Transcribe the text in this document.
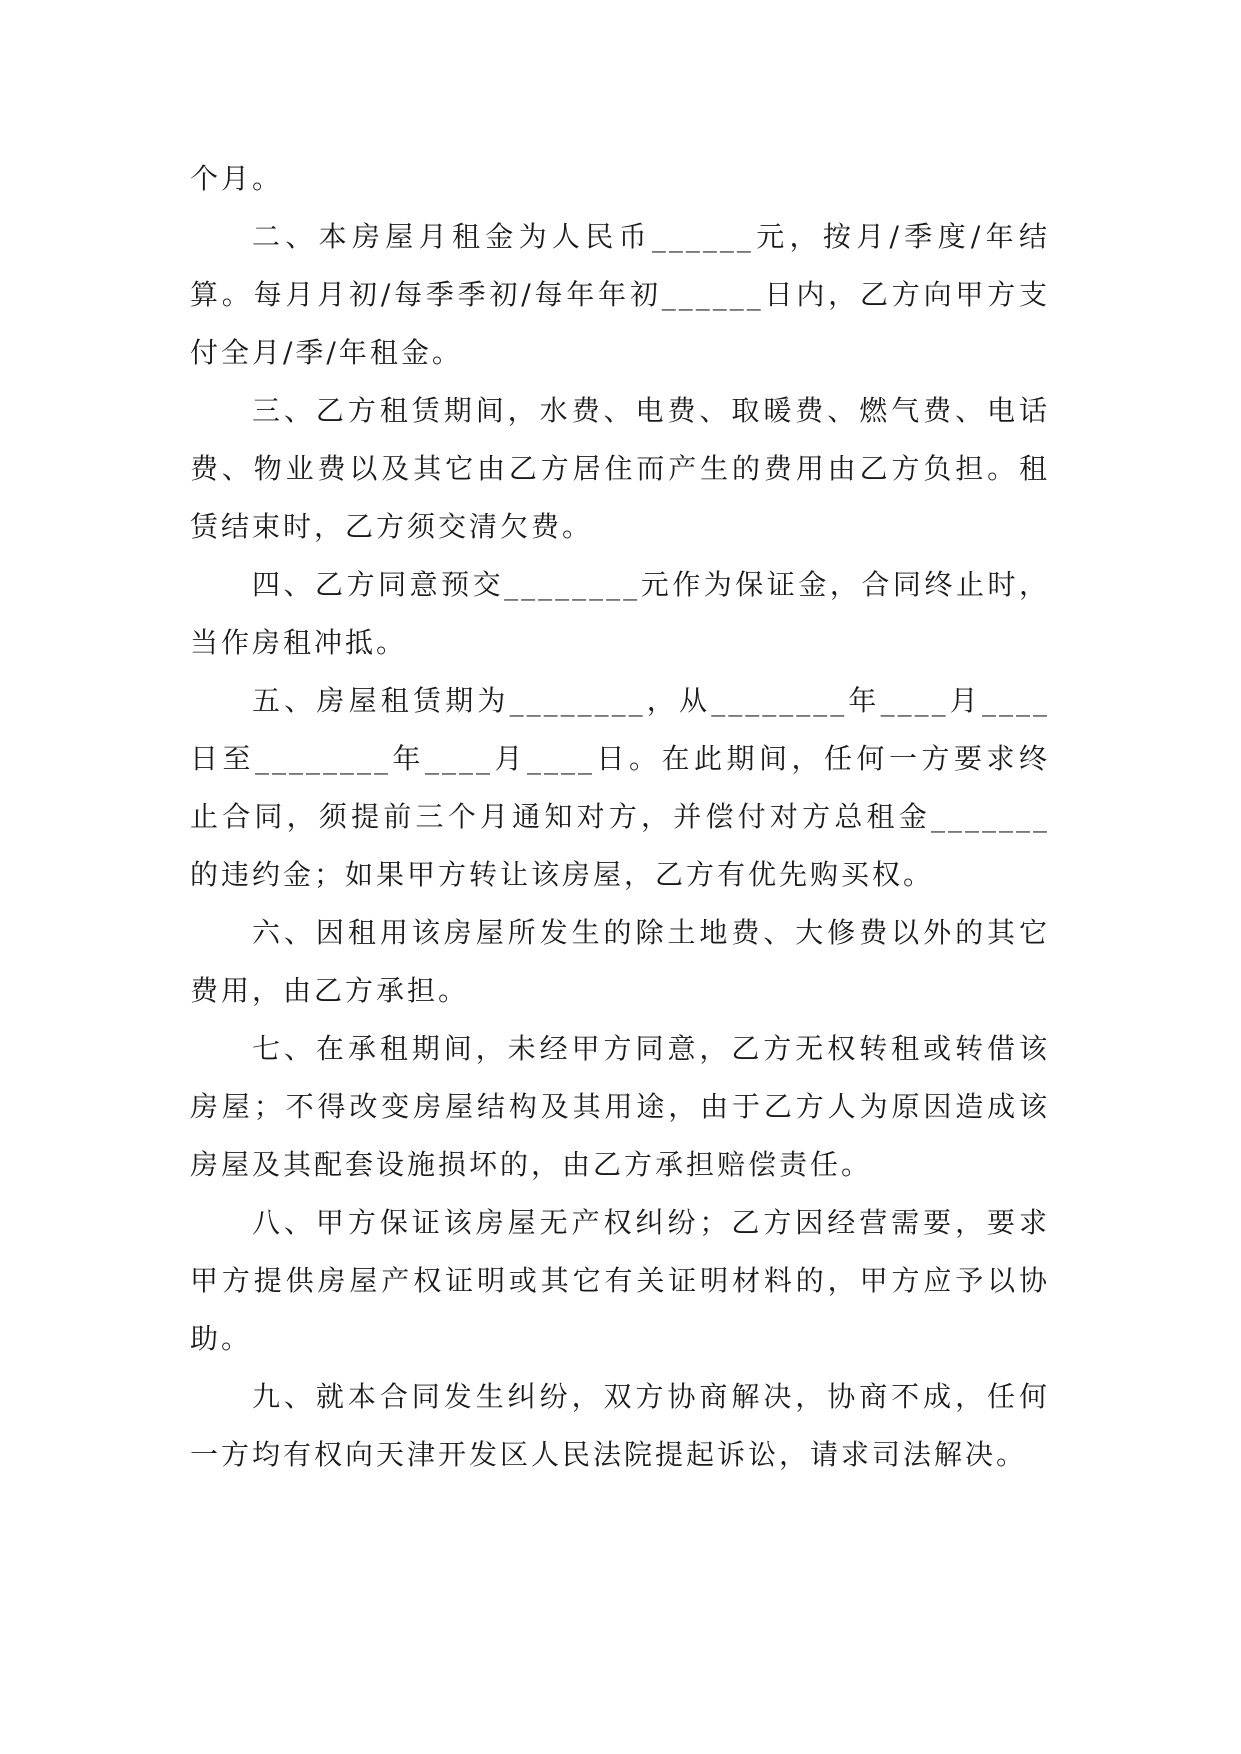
个月。

二、本房屋月租金为人民币______元，按月/季度/年结算。每月月初/每季季初/每年年初______日内，乙方向甲方支付全月/季/年租金。

三、乙方租赁期间，水费、电费、取暖费、燃气费、电话费、物业费以及其它由乙方居住而产生的费用由乙方负担。租赁结束时，乙方须交清欠费。

四、乙方同意预交________元作为保证金，合同终止时，当作房租冲抵。

五、房屋租赁期为________，从________年____月____日至________年____月____日。在此期间，任何一方要求终止合同，须提前三个月通知对方，并偿付对方总租金_______的违约金；如果甲方转让该房屋，乙方有优先购买权。

六、因租用该房屋所发生的除土地费、大修费以外的其它费用，由乙方承担。

七、在承租期间，未经甲方同意，乙方无权转租或转借该房屋；不得改变房屋结构及其用途，由于乙方人为原因造成该房屋及其配套设施损坏的，由乙方承担赔偿责任。

八、甲方保证该房屋无产权纠纷；乙方因经营需要，要求甲方提供房屋产权证明或其它有关证明材料的，甲方应予以协助。

九、就本合同发生纠纷，双方协商解决，协商不成，任何一方均有权向天津开发区人民法院提起诉讼，请求司法解决。
